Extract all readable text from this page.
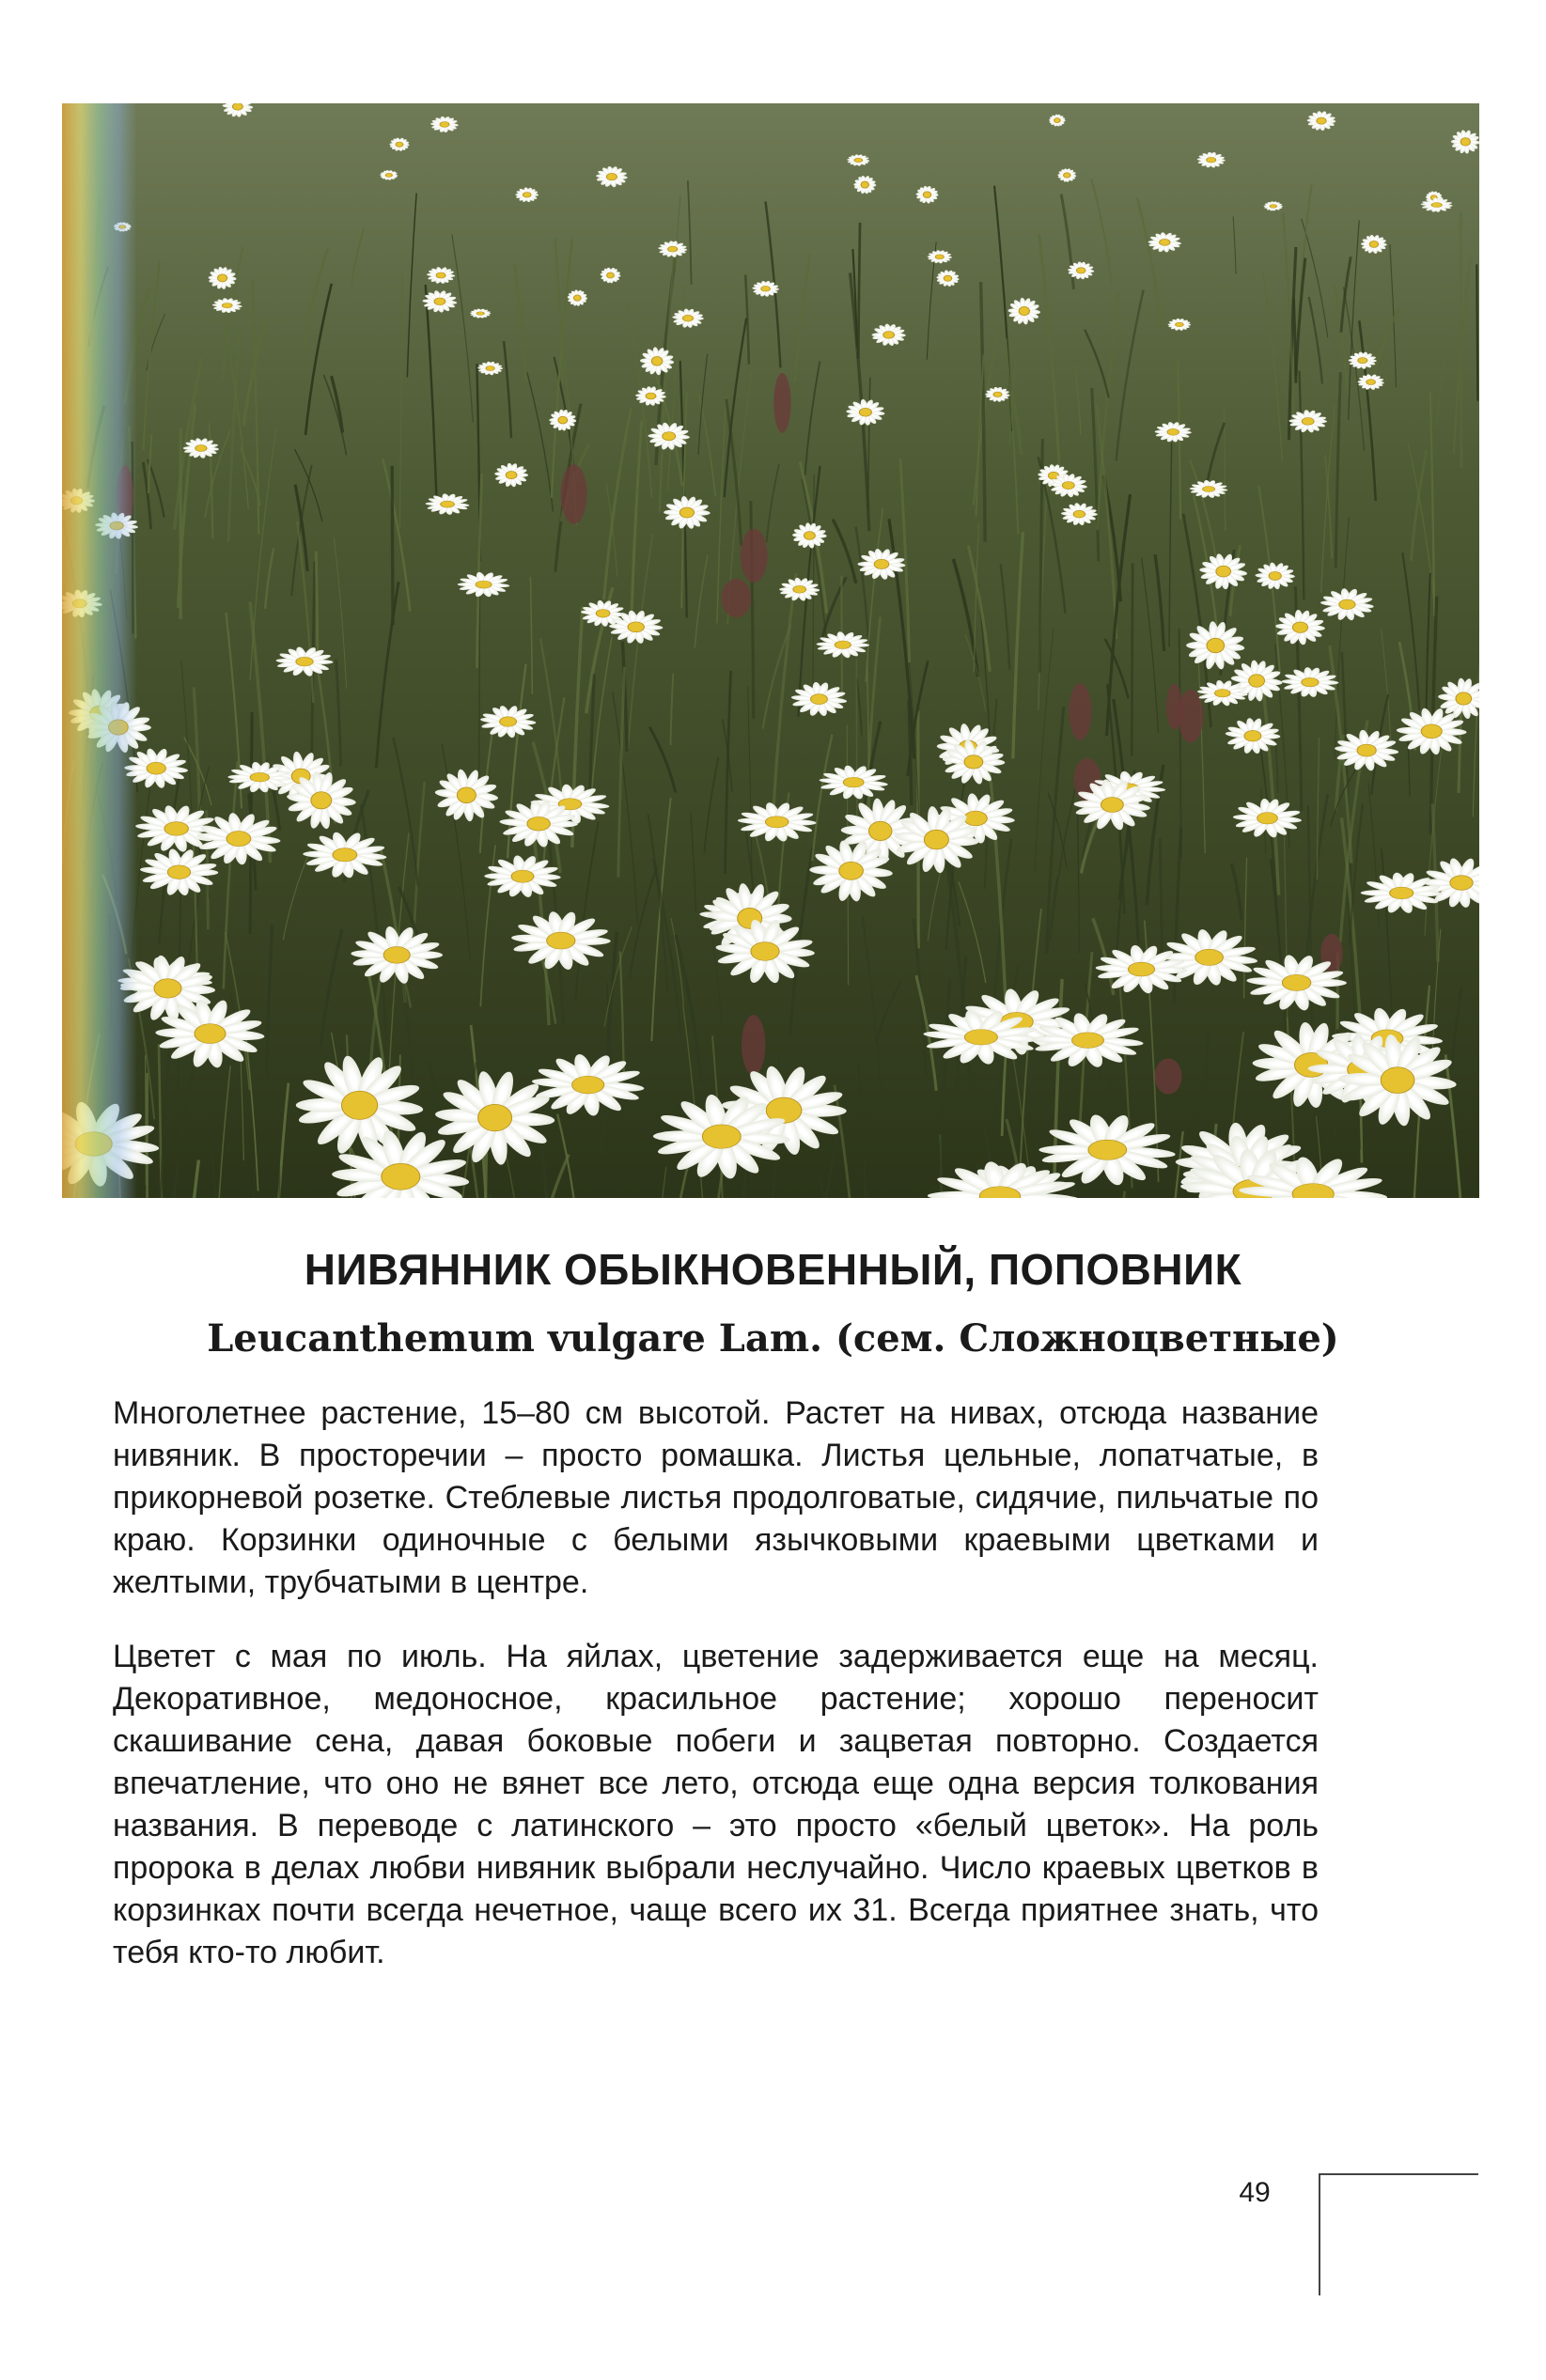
НИВЯННИК ОБЫКНОВЕННЫЙ, ПОПОВНИК
Leucanthemum vulgare Lam. (сем. Сложноцветные)

Многолетнее растение, 15–80 см высотой. Растет на нивах, отсюда название нивяник. В просторечии – просто ромашка. Листья цельные, лопатчатые, в прикорневой розетке. Стеблевые листья продолговатые, сидячие, пильчатые по краю. Корзинки одиночные с белыми язычковыми краевыми цветками и желтыми, трубчатыми в центре.

Цветет с мая по июль. На яйлах, цветение задерживается еще на месяц. Декоративное, медоносное, красильное растение; хорошо переносит скашивание сена, давая боковые побеги и зацветая повторно. Создается впечатление, что оно не вянет все лето, отсюда еще одна версия толкования названия. В переводе с латинского – это просто «белый цветок». На роль пророка в делах любви нивяник выбрали неслучайно. Число краевых цветков в корзинках почти всегда нечетное, чаще всего их 31. Всегда приятнее знать, что тебя кто-то любит.

49
